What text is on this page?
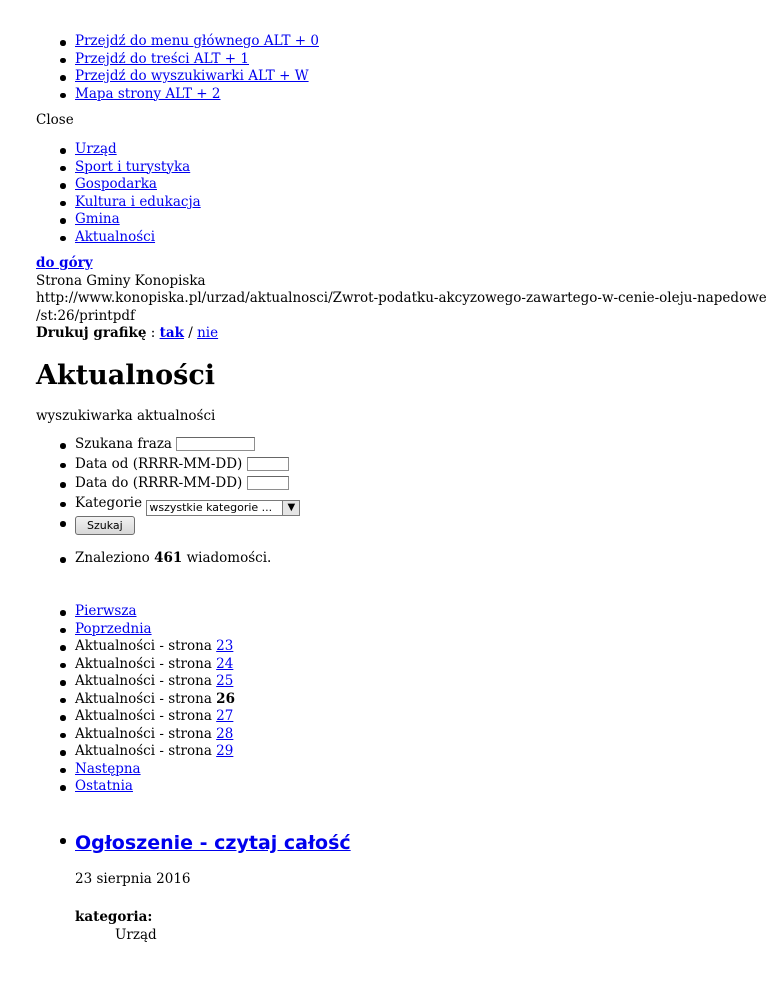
Przejdź do menu głównego ALT + 0
Przejdź do treści ALT + 1
Przejdź do wyszukiwarki ALT + W
Mapa strony ALT + 2
Close
Urząd
Sport i turystyka
Gospodarka
Kultura i edukacja
Gmina
Aktualności
do góry
Strona Gminy Konopiska
http://www.konopiska.pl/urzad/aktualnosci/Zwrot-podatku-akcyzowego-zawartego-w-cenie-oleju-napedowe
/st:26/printpdf
Drukuj grafikę : tak / nie
Aktualności
wyszukiwarka aktualności
Szukana fraza
Data od (RRRR-MM-DD)
Data do (RRRR-MM-DD)
Kategorie wszystkie kategorie ...	▼
Szukaj
Znaleziono 461 wiadomości.
Pierwsza
Poprzednia
Aktualności - strona 23
Aktualności - strona 24
Aktualności - strona 25
Aktualności - strona 26
Aktualności - strona 27
Aktualności - strona 28
Aktualności - strona 29
Następna
Ostatnia
Ogłoszenie - czytaj całość
23 sierpnia 2016
kategoria:
Urząd
